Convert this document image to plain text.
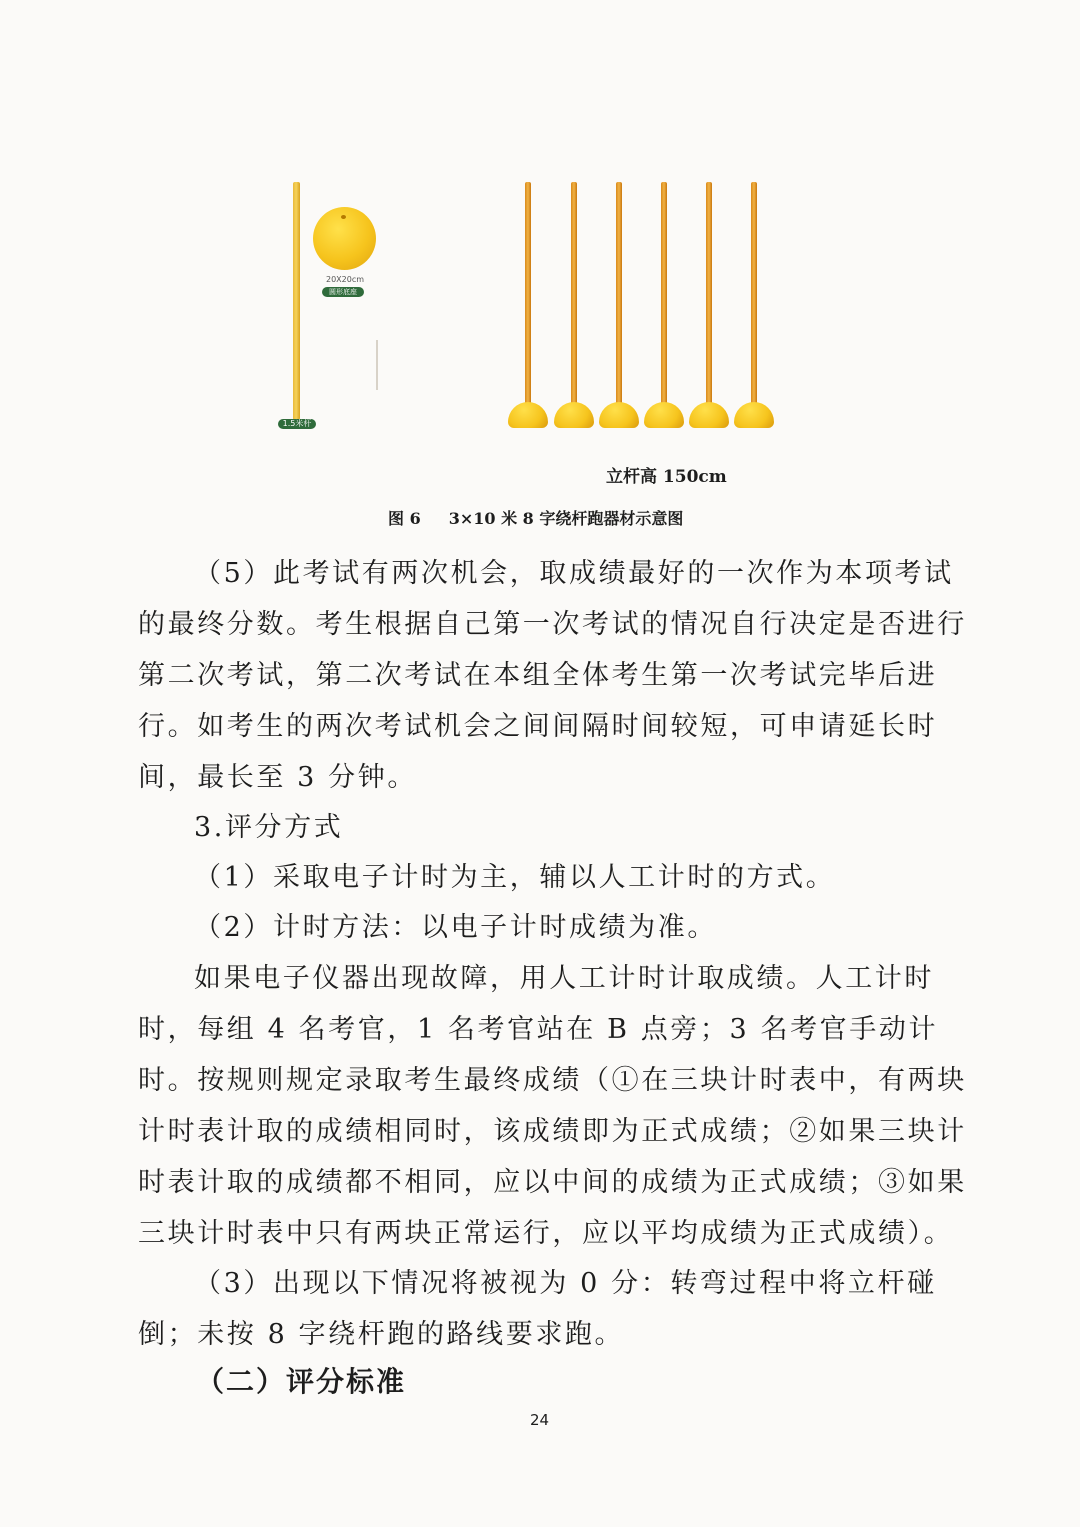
1.5米杆
20X20cm
圆形底座
立杆高 150cm
图 6 3×10 米 8 字绕杆跑器材示意图

（5）此考试有两次机会，取成绩最好的一次作为本项考试的最终分数。考生根据自己第一次考试的情况自行决定是否进行第二次考试，第二次考试在本组全体考生第一次考试完毕后进行。如考生的两次考试机会之间间隔时间较短，可申请延长时间，最长至 3 分钟。

3.评分方式

（1）采取电子计时为主，辅以人工计时的方式。

（2）计时方法：以电子计时成绩为准。

如果电子仪器出现故障，用人工计时计取成绩。人工计时时，每组 4 名考官，1 名考官站在 B 点旁；3 名考官手动计时。按规则规定录取考生最终成绩（①在三块计时表中，有两块计时表计取的成绩相同时，该成绩即为正式成绩；②如果三块计时表计取的成绩都不相同，应以中间的成绩为正式成绩；③如果三块计时表中只有两块正常运行，应以平均成绩为正式成绩）。

（3）出现以下情况将被视为 0 分：转弯过程中将立杆碰倒；未按 8 字绕杆跑的路线要求跑。

（二）评分标准

24
